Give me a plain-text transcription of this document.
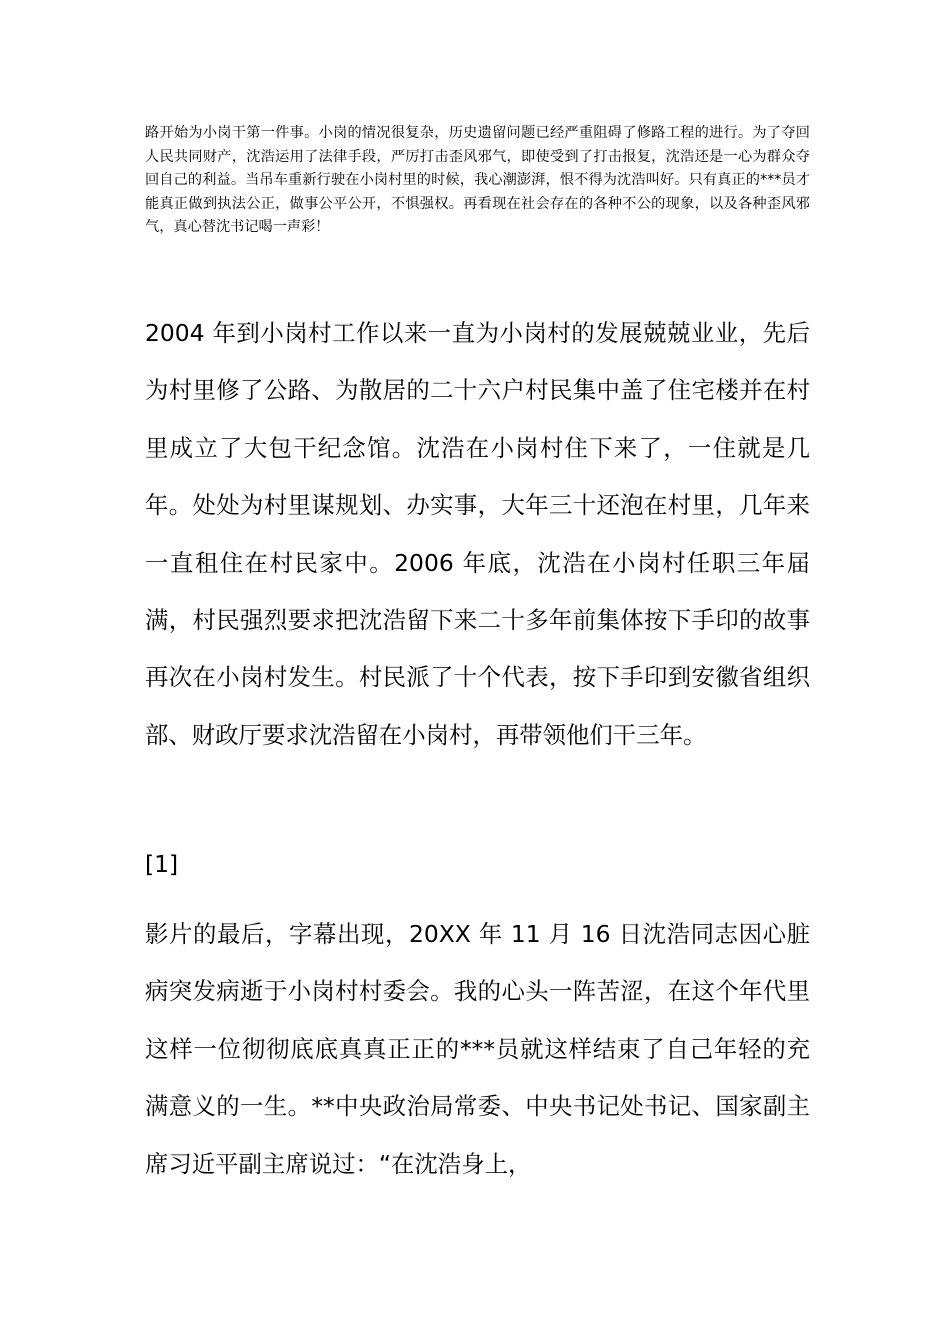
路开始为小岗干第一件事。小岗的情况很复杂，历史遗留问题已经严重阻碍了修路工程的进行。为了夺回人民共同财产，沈浩运用了法律手段，严厉打击歪风邪气，即使受到了打击报复，沈浩还是一心为群众夺回自己的利益。当吊车重新行驶在小岗村里的时候，我心潮澎湃，恨不得为沈浩叫好。只有真正的***员才能真正做到执法公正，做事公平公开，不惧强权。再看现在社会存在的各种不公的现象，以及各种歪风邪气，真心替沈书记喝一声彩！

2004 年到小岗村工作以来一直为小岗村的发展兢兢业业，先后为村里修了公路、为散居的二十六户村民集中盖了住宅楼并在村里成立了大包干纪念馆。沈浩在小岗村住下来了，一住就是几年。处处为村里谋规划、办实事，大年三十还泡在村里，几年来一直租住在村民家中。2006 年底，沈浩在小岗村任职三年届满，村民强烈要求把沈浩留下来二十多年前集体按下手印的故事再次在小岗村发生。村民派了十个代表，按下手印到安徽省组织部、财政厅要求沈浩留在小岗村，再带领他们干三年。

[1]

影片的最后，字幕出现，20XX 年 11 月 16 日沈浩同志因心脏病突发病逝于小岗村村委会。我的心头一阵苦涩，在这个年代里这样一位彻彻底底真真正正的***员就这样结束了自己年轻的充满意义的一生。**中央政治局常委、中央书记处书记、国家副主席习近平副主席说过：“在沈浩身上，
